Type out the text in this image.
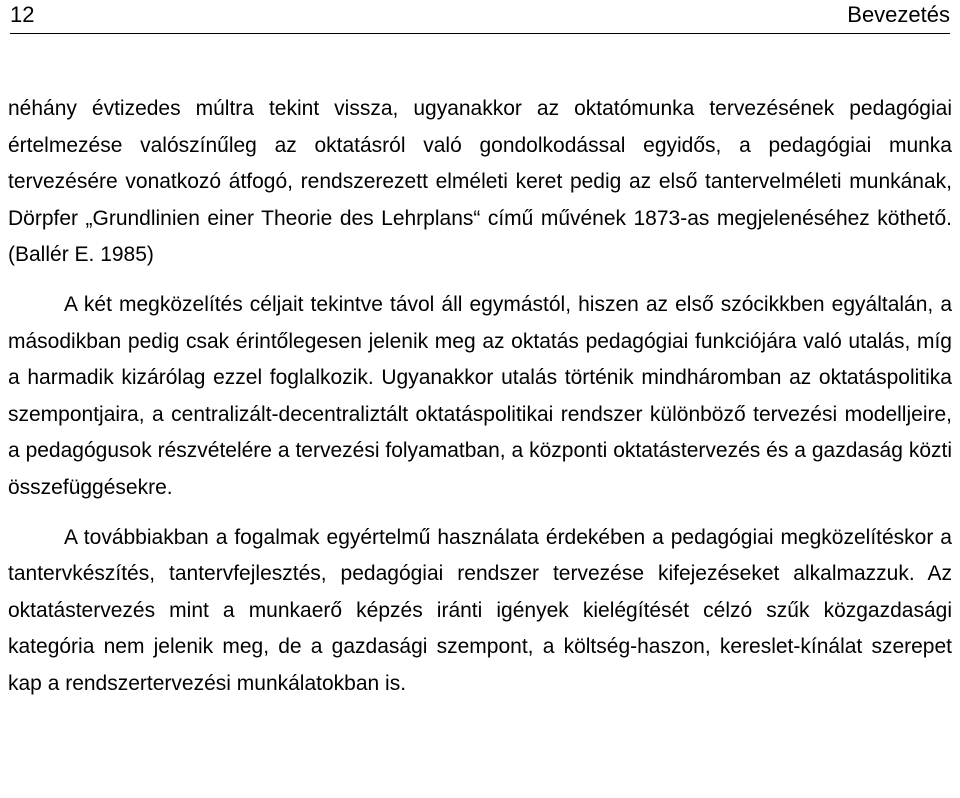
12	Bevezetés

néhány évtizedes múltra tekint vissza, ugyanakkor az oktatómunka tervezésének pedagógiai értelmezése valószínűleg az oktatásról való gondolkodással egyidős, a pedagógiai munka tervezésére vonatkozó átfogó, rendszerezett elméleti keret pedig az első tantervelméleti munkának, Dörpfer „Grundlinien einer Theorie des Lehrplans“ című művének 1873-as megjelenéséhez köthető. (Ballér E. 1985)

A két megközelítés céljait tekintve távol áll egymástól, hiszen az első szócikkben egyáltalán, a másodikban pedig csak érintőlegesen jelenik meg az oktatás pedagógiai funkciójára való utalás, míg a harmadik kizárólag ezzel foglalkozik. Ugyanakkor utalás történik mindháromban az oktatáspolitika szempontjaira, a centralizált-decentraliztált oktatáspolitikai rendszer különböző tervezési modelljeire, a pedagógusok részvételére a tervezési folyamatban, a központi oktatástervezés és a gazdaság közti összefüggésekre.

A továbbiakban a fogalmak egyértelmű használata érdekében a pedagógiai megközelítéskor a tantervkészítés, tantervfejlesztés, pedagógiai rendszer tervezése kifejezéseket alkalmazzuk. Az oktatástervezés mint a munkaerő képzés iránti igények kielégítését célzó szűk közgazdasági kategória nem jelenik meg, de a gazdasági szempont, a költség-haszon, kereslet-kínálat szerepet kap a rendszertervezési munkálatokban is.
